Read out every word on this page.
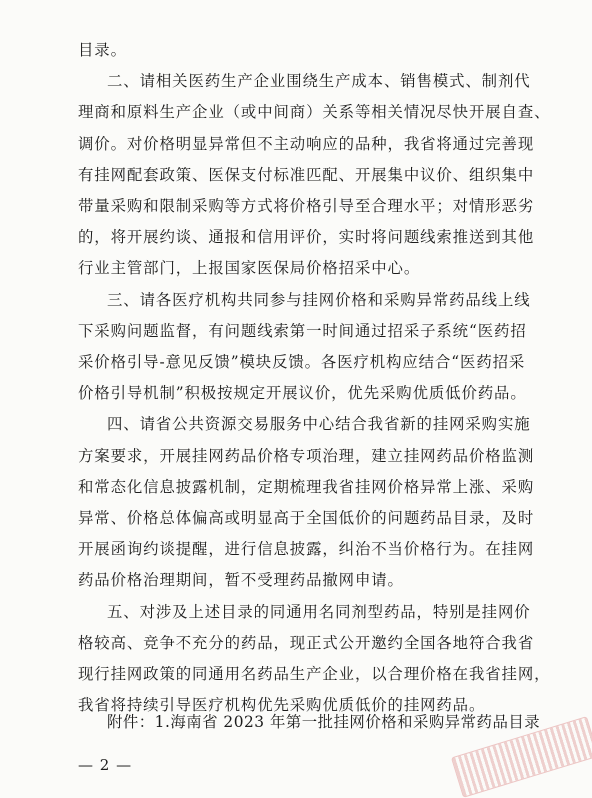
目录。
二、请相关医药生产企业围绕生产成本、销售模式、制剂代
理商和原料生产企业（或中间商）关系等相关情况尽快开展自查、
调价。对价格明显异常但不主动响应的品种，我省将通过完善现
有挂网配套政策、医保支付标准匹配、开展集中议价、组织集中
带量采购和限制采购等方式将价格引导至合理水平；对情形恶劣
的，将开展约谈、通报和信用评价，实时将问题线索推送到其他
行业主管部门，上报国家医保局价格招采中心。
三、请各医疗机构共同参与挂网价格和采购异常药品线上线
下采购问题监督，有问题线索第一时间通过招采子系统“医药招
采价格引导-意见反馈”模块反馈。各医疗机构应结合“医药招采
价格引导机制”积极按规定开展议价，优先采购优质低价药品。
四、请省公共资源交易服务中心结合我省新的挂网采购实施
方案要求，开展挂网药品价格专项治理，建立挂网药品价格监测
和常态化信息披露机制，定期梳理我省挂网价格异常上涨、采购
异常、价格总体偏高或明显高于全国低价的问题药品目录，及时
开展函询约谈提醒，进行信息披露，纠治不当价格行为。在挂网
药品价格治理期间，暂不受理药品撤网申请。
五、对涉及上述目录的同通用名同剂型药品，特别是挂网价
格较高、竞争不充分的药品，现正式公开邀约全国各地符合我省
现行挂网政策的同通用名药品生产企业，以合理价格在我省挂网，
我省将持续引导医疗机构优先采购优质低价的挂网药品。
附件：1.海南省 2023 年第一批挂网价格和采购异常药品目录
— 2 —
